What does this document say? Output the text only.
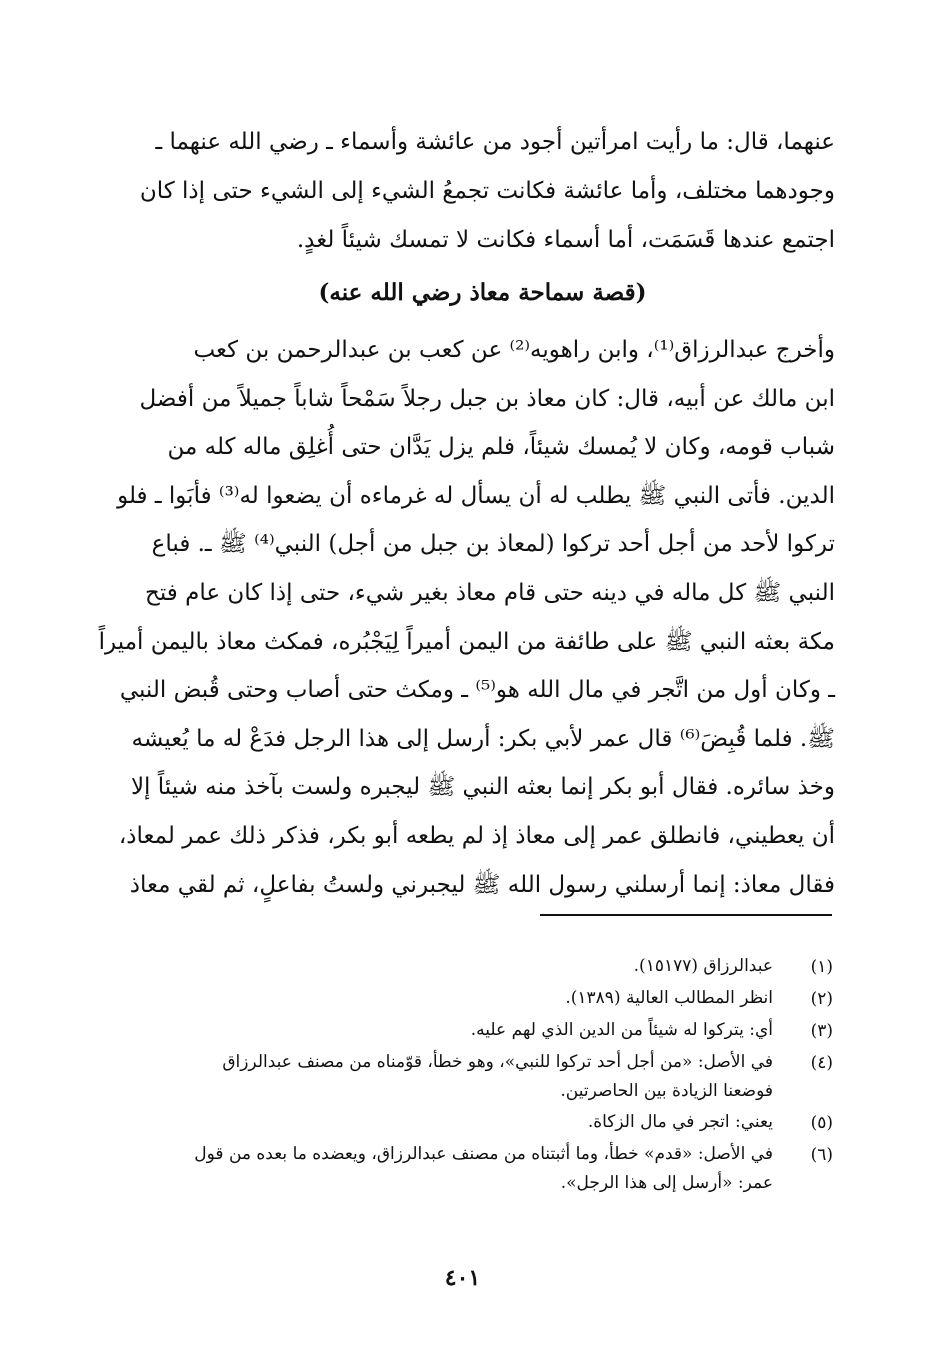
عنهما، قال: ما رأيت امرأتين أجود من عائشة وأسماء ـ رضي الله عنهما ـ
وجودهما مختلف، وأما عائشة فكانت تجمعُ الشيء إلى الشيء حتى إذا كان
اجتمع عندها قَسَمَت، أما أسماء فكانت لا تمسك شيئاً لغدٍ.
(قصة سماحة معاذ رضي الله عنه)
وأخرج عبدالرزاق⁽¹⁾، وابن راهويه⁽²⁾ عن كعب بن عبدالرحمن بن كعب
ابن مالك عن أبيه، قال: كان معاذ بن جبل رجلاً سَمْحاً شاباً جميلاً من أفضل
شباب قومه، وكان لا يُمسك شيئاً، فلم يزل يَدَّان حتى أُغلِق ماله كله من
الدين. فأتى النبي ﷺ يطلب له أن يسأل له غرماءه أن يضعوا له⁽³⁾ فأبَوا ـ فلو
تركوا لأحد من أجل أحد تركوا (لمعاذ بن جبل من أجل) النبي⁽⁴⁾ ﷺ ـ. فباع
النبي ﷺ كل ماله في دينه حتى قام معاذ بغير شيء، حتى إذا كان عام فتح
مكة بعثه النبي ﷺ على طائفة من اليمن أميراً لِيَجْبُره، فمكث معاذ باليمن أميراً
ـ وكان أول من اتَّجر في مال الله هو⁽⁵⁾ ـ ومكث حتى أصاب وحتى قُبض النبي
ﷺ. فلما قُبِضَ⁽⁶⁾ قال عمر لأبي بكر: أرسل إلى هذا الرجل فدَعْ له ما يُعيشه
وخذ سائره. فقال أبو بكر إنما بعثه النبي ﷺ ليجبره ولست بآخذ منه شيئاً إلا
أن يعطيني، فانطلق عمر إلى معاذ إذ لم يطعه أبو بكر، فذكر ذلك عمر لمعاذ،
فقال معاذ: إنما أرسلني رسول الله ﷺ ليجبرني ولستُ بفاعلٍ، ثم لقي معاذ
(١)
عبدالرزاق (١٥١٧٧).
(٢)
انظر المطالب العالية (١٣٨٩).
(٣)
أي: يتركوا له شيئاً من الدين الذي لهم عليه.
(٤)
في الأصل: «من أجل أحد تركوا للنبي»، وهو خطأ، قوّمناه من مصنف عبدالرزاق
فوضعنا الزيادة بين الحاصرتين.
(٥)
يعني: اتجر في مال الزكاة.
(٦)
في الأصل: «قدم» خطأ، وما أثبتناه من مصنف عبدالرزاق، ويعضده ما بعده من قول
عمر: «أرسل إلى هذا الرجل».
٤٠١
